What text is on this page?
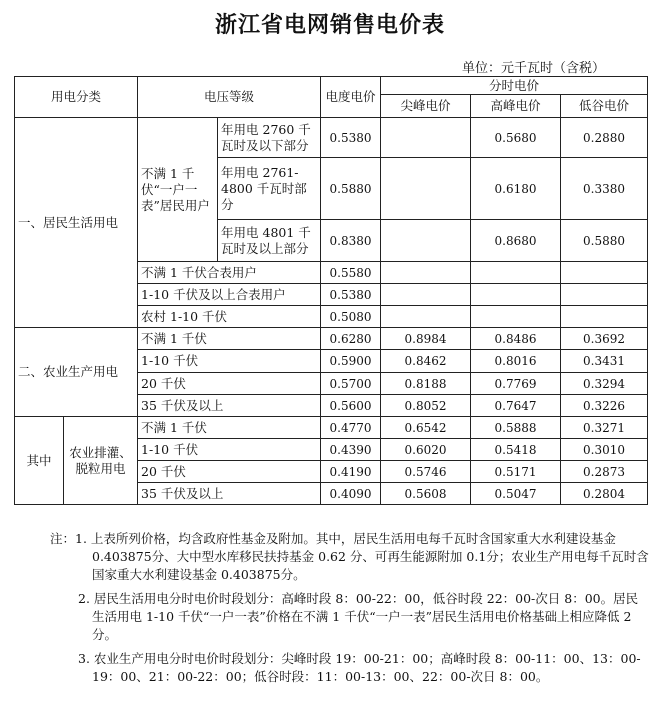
浙江省电网销售电价表
单位：元千瓦时（含税）
用电分类		电压等级		电度电价	分时电价		
					尖峰电价	高峰电价	低谷电价
一、居民生活用电		不满 1 千伏“一户一表”居民用户	年用电 2760 千瓦时及以下部分	0.5380		0.5680	0.2880
			年用电 2761-4800 千瓦时部分	0.5880		0.6180	0.3380
			年用电 4801 千瓦时及以上部分	0.8380		0.8680	0.5880
		不满 1 千伏合表用户		0.5580			
		1-10 千伏及以上合表用户		0.5380			
		农村 1-10 千伏		0.5080			
二、农业生产用电		不满 1 千伏		0.6280	0.8984	0.8486	0.3692
		1-10 千伏		0.5900	0.8462	0.8016	0.3431
		20 千伏		0.5700	0.8188	0.7769	0.3294
		35 千伏及以上		0.5600	0.8052	0.7647	0.3226
其中	农业排灌、脱粒用电	不满 1 千伏		0.4770	0.6542	0.5888	0.3271
		1-10 千伏		0.4390	0.6020	0.5418	0.3010
		20 千伏		0.4190	0.5746	0.5171	0.2873
		35 千伏及以上		0.4090	0.5608	0.5047	0.2804
注：1. 上表所列价格，均含政府性基金及附加。其中，居民生活用电每千瓦时含国家重大水利建设基金 0.403875分、大中型水库移民扶持基金 0.62 分、可再生能源附加 0.1分；农业生产用电每千瓦时含国家重大水利建设基金 0.403875分。
2. 居民生活用电分时电价时段划分：高峰时段 8：00-22：00，低谷时段 22：00-次日 8：00。居民生活用电 1-10 千伏“一户一表”价格在不满 1 千伏“一户一表”居民生活用电价格基础上相应降低 2分。
3. 农业生产用电分时电价时段划分：尖峰时段 19：00-21：00；高峰时段 8：00-11：00、13：00-19：00、21：00-22：00；低谷时段：11：00-13：00、22：00-次日 8：00。
